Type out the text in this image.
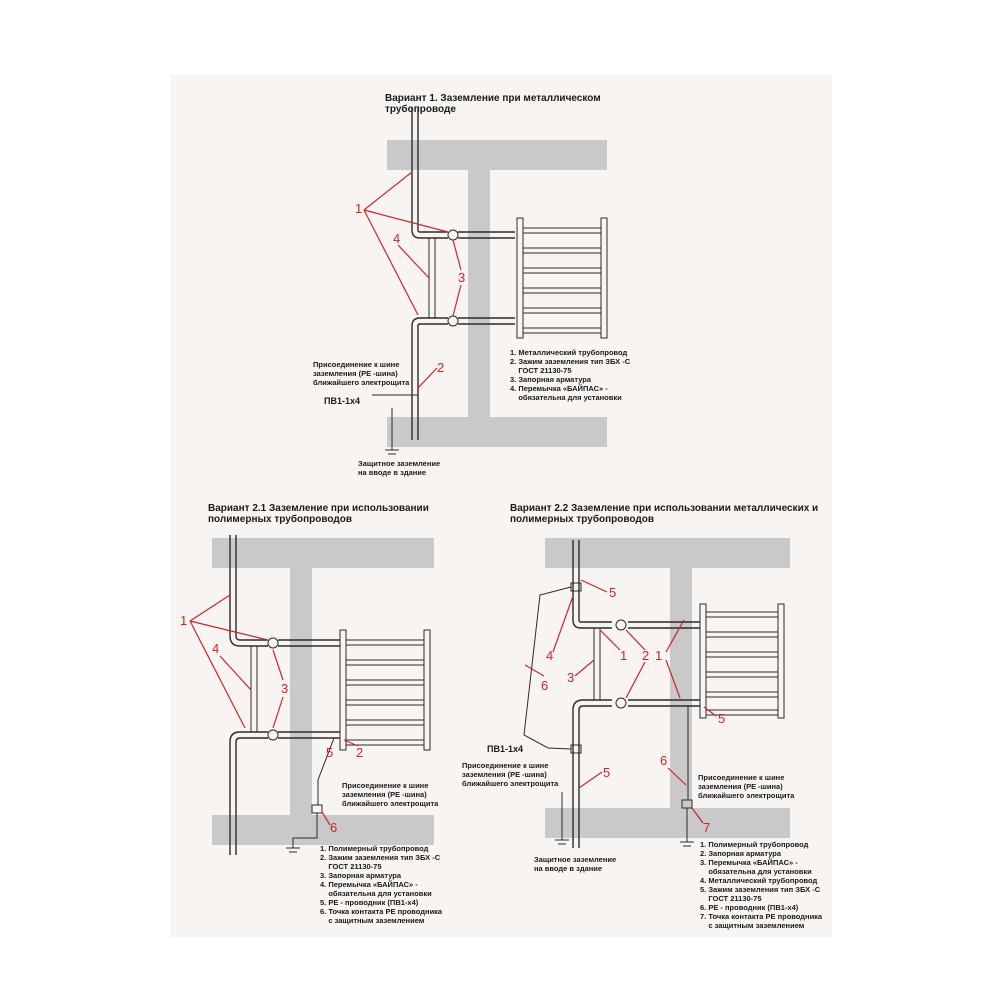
Вариант 1. Заземление при металлическом
трубопроводе
1
4
3
2
Присоединение к шине
заземления (РЕ -шина)
ближайшего электрощита
ПВ1-1х4
Защитное заземление
на вводе в здание
1. Металлический трубопровод
2. Зажим заземления тип ЗБХ -С
ГОСТ 21130-75
3. Запорная арматура
4. Перемычка «БАЙПАС» -
обязательна для установки
Вариант 2.1 Заземление при использовании
полимерных трубопроводов
1
4
3
5 2
6
Присоединение к шине
заземления (РЕ -шина)
ближайшего электрощита
1. Полимерный трубопровод
2. Зажим заземления тип ЗБХ -С
ГОСТ 21130-75
3. Запорная арматура
4. Перемычка «БАЙПАС» -
обязательна для установки
5. РЕ - проводник (ПВ1-х4)
6. Точка контакта РЕ проводника
с защитным заземлением
Вариант 2.2 Заземление при использовании металлических и
полимерных трубопроводов
5
4
3
1 2 1
6
5
5
6
7
ПВ1-1х4
Присоединение к шине
заземления (РЕ -шина)
ближайшего электрощита
Присоединение к шине
заземления (РЕ -шина)
ближайшего электрощита
Защитное заземление
на вводе в здание
1. Полимерный трубопровод
2. Запорная арматура
3. Перемычка «БАЙПАС» -
обязательна для установки
4. Металлический трубопровод
5. Зажим заземления тип ЗБХ -С
ГОСТ 21130-75
6. РЕ - проводник (ПВ1-х4)
7. Точка контакта РЕ проводника
с защитным заземлением
